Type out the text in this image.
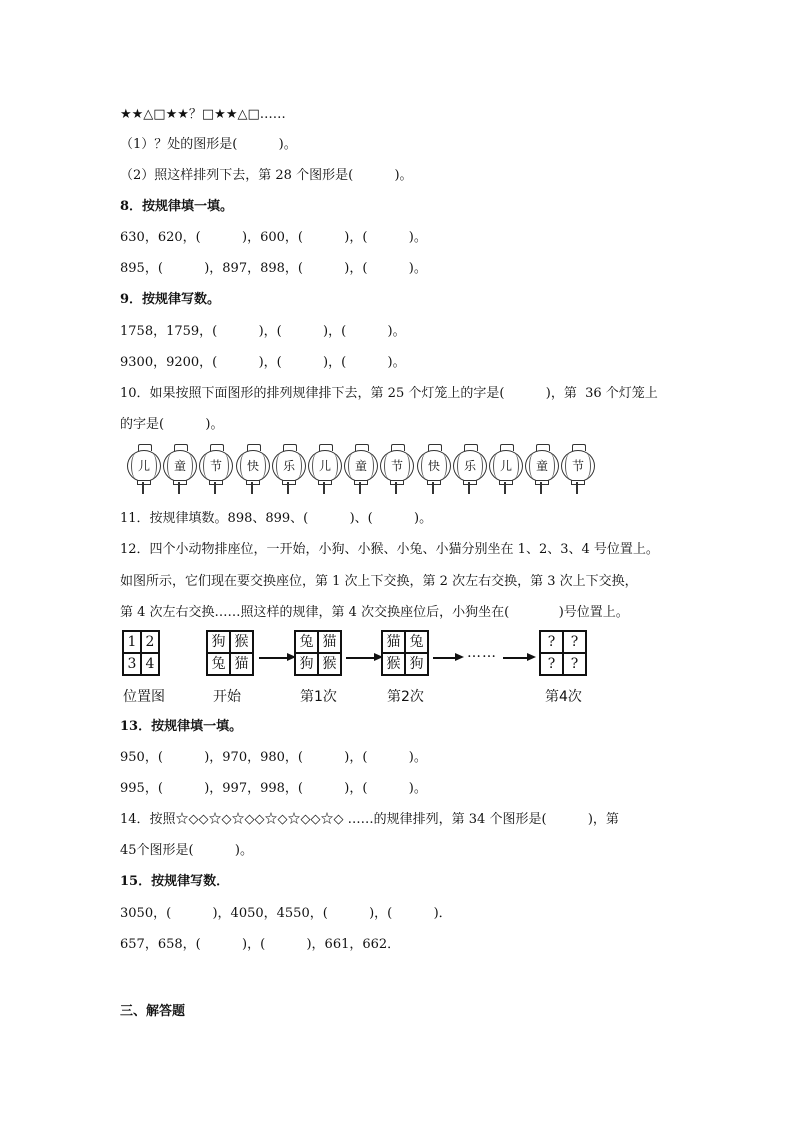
★★△□★★？□★★△□……
（1）？处的图形是(          )。
（2）照这样排列下去，第 28 个图形是(          )。
8．按规律填一填。
630，620，(          )，600，(          )，(          )。
895，(          )，897，898，(          )，(          )。
9．按规律写数。
1758，1759，(          )，(          )，(          )。
9300，9200，(          )，(          )，(          )。
10．如果按照下面图形的排列规律排下去，第 25 个灯笼上的字是(          )，第  36 个灯笼上
的字是(          )。
儿	童	节	快	乐	儿	童	节	快	乐	儿	童	节
11．按规律填数。898、899、(          )、(          )。
12．四个小动物排座位，一开始，小狗、小猴、小兔、小猫分别坐在 1、2、3、4 号位置上。
如图所示，它们现在要交换座位，第 1 次上下交换，第 2 次左右交换，第 3 次上下交换，
第 4 次左右交换……照这样的规律，第 4 次交换座位后，小狗坐在(            )号位置上。
1 2
3 4
位置图
狗 猴
兔 猫
开始
兔 猫
狗 猴
第1次
猫 兔
猴 狗
第2次
……
?	?
?	?
第4次
13．按规律填一填。
950，(          )，970，980，(          )，(          )。
995，(          )，997，998，(          )，(          )。
14．按照☆◇◇☆◇☆◇◇☆◇☆◇◇☆◇ ……的规律排列，第 34 个图形是(          )，第
45个图形是(          )。
15．按规律写数．
3050，(          )，4050，4550，(          )，(          )．
657，658，(          )，(          )，661，662．
三、解答题
